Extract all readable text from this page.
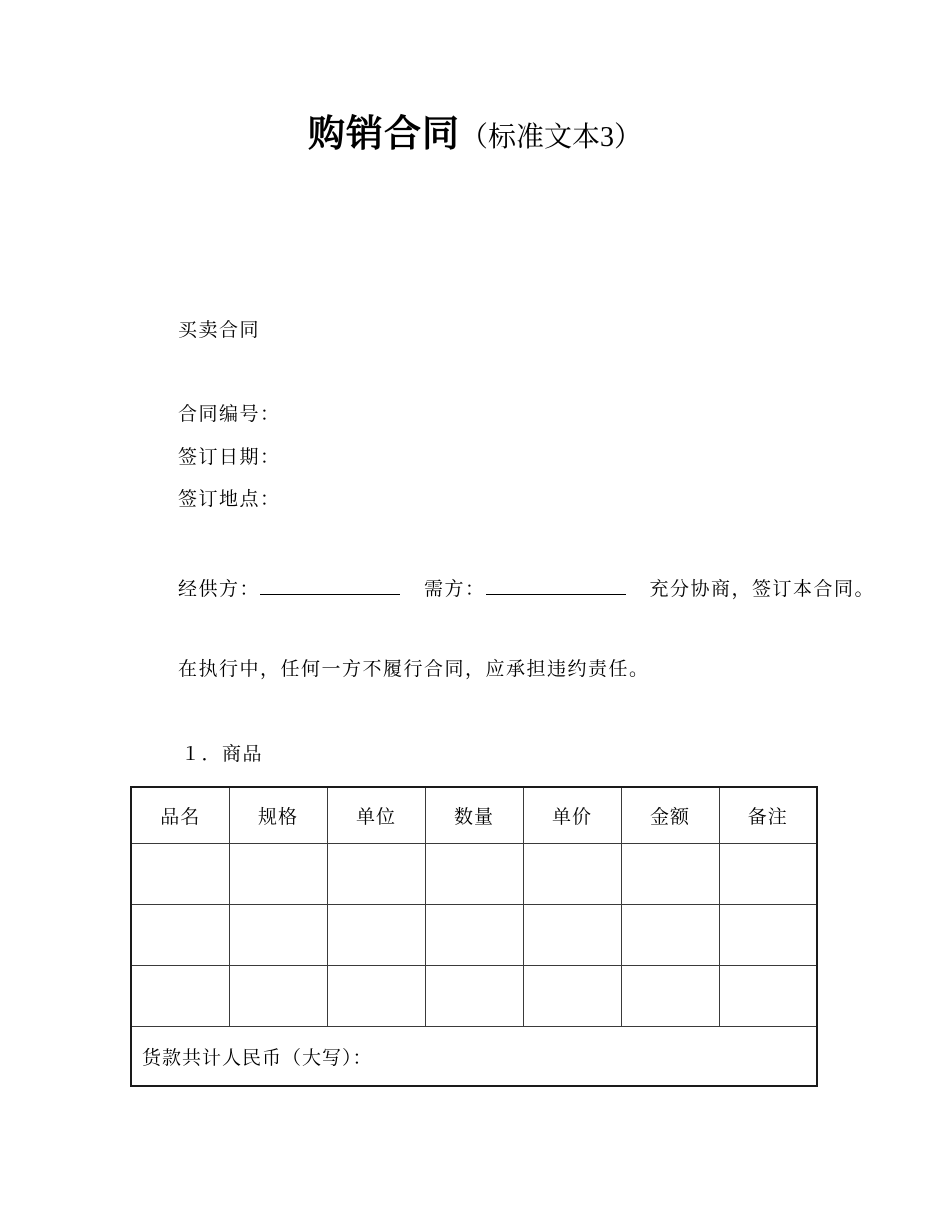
购销合同（标准文本3）
买卖合同
合同编号：
签订日期：
签订地点：
经供方：	需方：	充分协商，签订本合同。
在执行中，任何一方不履行合同，应承担违约责任。
１．商品
品名	规格	单位	数量	单价	金额	备注

货款共计人民币（大写）：						
